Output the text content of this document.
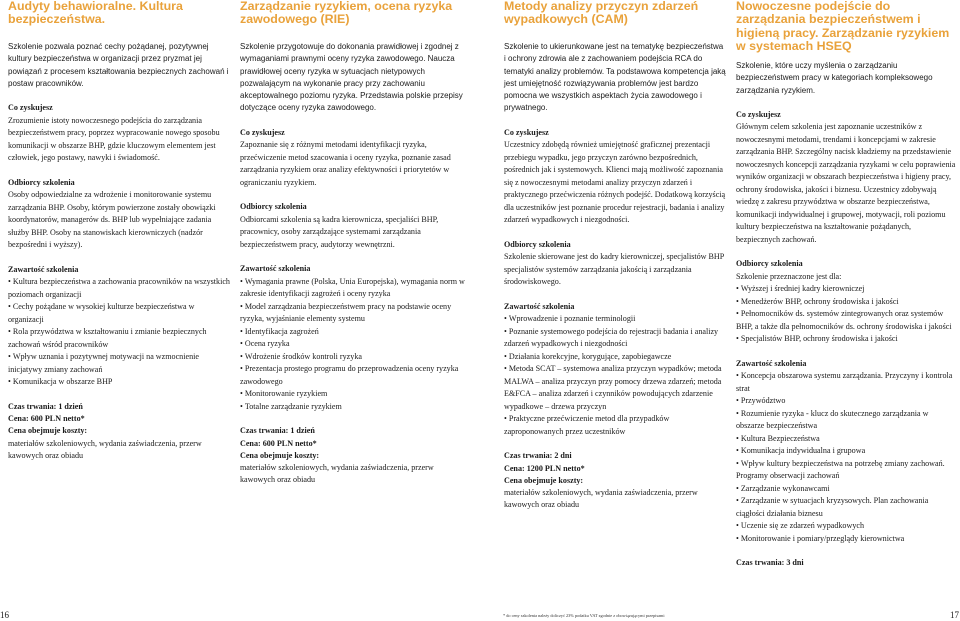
Audyty behawioralne. Kultura bezpieczeństwa.

Szkolenie pozwala poznać cechy pożądanej, pozytywnej kultury bezpieczeństwa w organizacji przez pryzmat jej powiązań z procesem kształtowania bezpiecznych zachowań i postaw pracowników.

Co zyskujesz
Zrozumienie istoty nowoczesnego podejścia do zarządzania bezpieczeństwem pracy, poprzez wypracowanie nowego sposobu komunikacji w obszarze BHP, gdzie kluczowym elementem jest człowiek, jego postawy, nawyki i świadomość.
Odbiorcy szkolenia
Osoby odpowiedzialne za wdrożenie i monitorowanie systemu zarządzania BHP. Osoby, którym powierzone zostały obowiązki koordynatorów, managerów ds. BHP lub wypełniające zadania służby BHP. Osoby na stanowiskach kierowniczych (nadzór bezpośredni i wyższy).
Zawartość szkolenia
• Kultura bezpieczeństwa a zachowania pracowników na wszystkich poziomach organizacji
• Cechy pożądane w wysokiej kulturze bezpieczeństwa w organizacji
• Rola przywództwa w kształtowaniu i zmianie bezpiecznych zachowań wśród pracowników
• Wpływ uznania i pozytywnej motywacji na wzmocnienie inicjatywy zmiany zachowań
• Komunikacja w obszarze BHP
Czas trwania: 1 dzień
Cena: 600 PLN netto*
Cena obejmuje koszty:
materiałów szkoleniowych, wydania zaświadczenia, przerw kawowych oraz obiadu
Zarządzanie ryzykiem, ocena ryzyka zawodowego (RIE)

Szkolenie przygotowuje do dokonania prawidłowej i zgodnej z wymaganiami prawnymi oceny ryzyka zawodowego. Naucza prawidłowej oceny ryzyka w sytuacjach nietypowych pozwalającym na wykonanie pracy przy zachowaniu akceptowalnego poziomu ryzyka. Przedstawia polskie przepisy dotyczące oceny ryzyka zawodowego.

Co zyskujesz
Zapoznanie się z różnymi metodami identyfikacji ryzyka, przećwiczenie metod szacowania i oceny ryzyka, poznanie zasad zarządzania ryzykiem oraz analizy efektywności i priorytetów w ograniczaniu ryzykiem.
Odbiorcy szkolenia
Odbiorcami szkolenia są kadra kierownicza, specjaliści BHP, pracownicy, osoby zarządzające systemami zarządzania bezpieczeństwem pracy, audytorzy wewnętrzni.
Zawartość szkolenia
• Wymagania prawne (Polska, Unia Europejska), wymagania norm w zakresie identyfikacji zagrożeń i oceny ryzyka
• Model zarządzania bezpieczeństwem pracy na podstawie oceny ryzyka, wyjaśnianie elementy systemu
• Identyfikacja zagrożeń
• Ocena ryzyka
• Wdrożenie środków kontroli ryzyka
• Prezentacja prostego programu do przeprowadzenia oceny ryzyka zawodowego
• Monitorowanie ryzykiem
• Totalne zarządzanie ryzykiem
Czas trwania: 1 dzień
Cena: 600 PLN netto*
Cena obejmuje koszty:
materiałów szkoleniowych, wydania zaświadczenia, przerw kawowych oraz obiadu
Metody analizy przyczyn zdarzeń wypadkowych (CAM)

Szkolenie to ukierunkowane jest na tematykę bezpieczeństwa i ochrony zdrowia ale z zachowaniem podejścia RCA do tematyki analizy problemów. Ta podstawowa kompetencja jaką jest umiejętność rozwiązywania problemów jest bardzo pomocna we wszystkich aspektach życia zawodowego i prywatnego.

Co zyskujesz
Uczestnicy zdobędą również umiejętność graficznej prezentacji przebiegu wypadku, jego przyczyn zarówno bezpośrednich, pośrednich jak i systemowych. Klienci mają możliwość zapoznania się z nowoczesnymi metodami analizy przyczyn zdarzeń i praktycznego przećwiczenia różnych podejść. Dodatkową korzyścią dla uczestników jest poznanie procedur rejestracji, badania i analizy zdarzeń wypadkowych i niezgodności.
Odbiorcy szkolenia
Szkolenie skierowane jest do kadry kierowniczej, specjalistów BHP specjalistów systemów zarządzania jakością i zarządzania środowiskowego.
Zawartość szkolenia
• Wprowadzenie i poznanie terminologii
• Poznanie systemowego podejścia do rejestracji badania i analizy zdarzeń wypadkowych i niezgodności
• Działania korekcyjne, korygujące, zapobiegawcze
• Metoda SCAT – systemowa analiza przyczyn wypadków; metoda MALWA – analiza przyczyn przy pomocy drzewa zdarzeń; metoda E&FCA – analiza zdarzeń i czynników powodujących zdarzenie wypadkowe – drzewa przyczyn
• Praktyczne przećwiczenie metod dla przypadków zaproponowanych przez uczestników
Czas trwania: 2 dni
Cena: 1200 PLN netto*
Cena obejmuje koszty:
materiałów szkoleniowych, wydania zaświadczenia, przerw kawowych oraz obiadu
Nowoczesne podejście do zarządzania bezpieczeństwem i higieną pracy. Zarządzanie ryzykiem w systemach HSEQ

Szkolenie, które uczy myślenia o zarządzaniu bezpieczeństwem pracy w kategoriach kompleksowego zarządzania ryzykiem.

Co zyskujesz
Głównym celem szkolenia jest zapoznanie uczestników z nowoczesnymi metodami, trendami i koncepcjami w zakresie zarządzania BHP. Szczególny nacisk kładziemy na przedstawienie nowoczesnych koncepcji zarządzania ryzykami w celu poprawienia wyników organizacji w obszarach bezpieczeństwa i higieny pracy, ochrony środowiska, jakości i biznesu. Uczestnicy zdobywają wiedzę z zakresu przywództwa w obszarze bezpieczeństwa, komunikacji indywidualnej i grupowej, motywacji, roli poziomu kultury bezpieczeństwa na kształtowanie pożądanych, bezpiecznych zachowań.
Odbiorcy szkolenia
Szkolenie przeznaczone jest dla:
• Wyższej i średniej kadry kierowniczej
• Menedżerów BHP, ochrony środowiska i jakości
• Pełnomocników ds. systemów zintegrowanych oraz systemów BHP, a także dla pełnomocników ds. ochrony środowiska i jakości
• Specjalistów BHP, ochrony środowiska i jakości
Zawartość szkolenia
• Koncepcja obszarowa systemu zarządzania. Przyczyny i kontrola strat
• Przywództwo
• Rozumienie ryzyka - klucz do skutecznego zarządzania w obszarze bezpieczeństwa
• Kultura Bezpieczeństwa
• Komunikacja indywidualna i grupowa
• Wpływ kultury bezpieczeństwa na potrzebę zmiany zachowań. Programy obserwacji zachowań
• Zarządzanie wykonawcami
• Zarządzanie w sytuacjach kryzysowych. Plan zachowania ciągłości działania biznesu
• Uczenie się ze zdarzeń wypadkowych
• Monitorowanie i pomiary/przeglądy kierownictwa
Czas trwania: 3 dni
16	* do ceny szkolenia należy doliczyć 23% podatku VAT zgodnie z obowiązującymi przepisami	17
